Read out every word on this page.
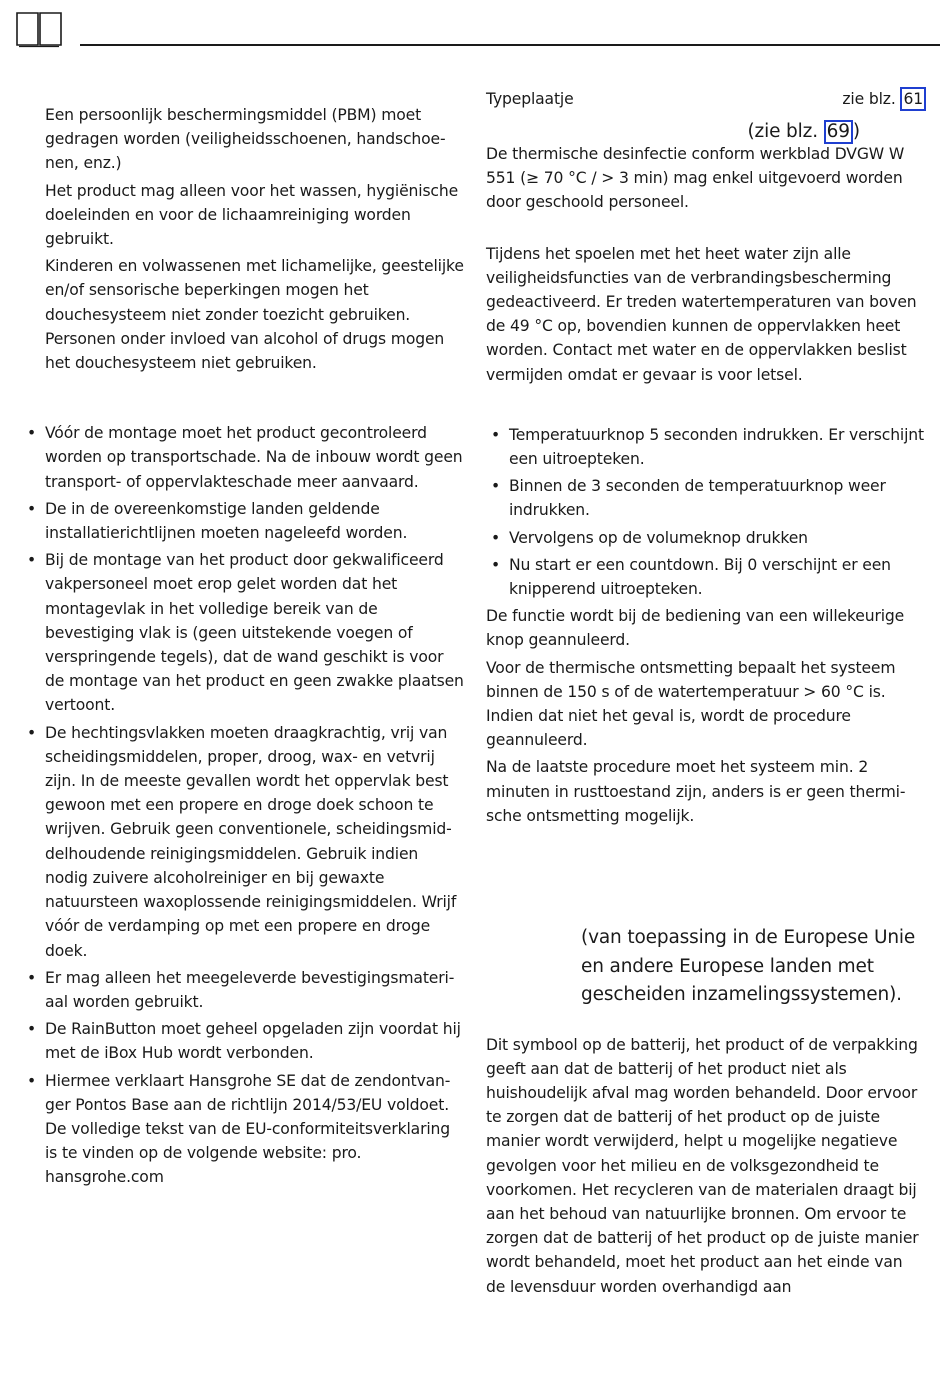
Een persoonlijk beschermingsmiddel (PBM) moet gedragen worden (veiligheidsschoenen, handschoenen, enz.)

Het product mag alleen voor het wassen, hygiënische doeleinden en voor de lichaamreiniging worden gebruikt.

Kinderen en volwassenen met lichamelijke, geestelijke en/of sensorische beperkingen mogen het douchesysteem niet zonder toezicht gebruiken. Personen onder invloed van alcohol of drugs mogen het douchesysteem niet gebruiken.

• Vóór de montage moet het product gecontroleerd worden op transportschade. Na de inbouw wordt geen transport- of oppervlakteschade meer aanvaard.
• De in de overeenkomstige landen geldende installatierichtlijnen moeten nageleefd worden.
• Bij de montage van het product door gekwalificeerd vakpersoneel moet erop gelet worden dat het montagevlak in het volledige bereik van de bevestiging vlak is (geen uitstekende voegen of verspringende tegels), dat de wand geschikt is voor de montage van het product en geen zwakke plaatsen vertoont.
• De hechtingsvlakken moeten draagkrachtig, vrij van scheidingsmiddelen, proper, droog, wax- en vetvrij zijn. In de meeste gevallen wordt het oppervlak best gewoon met een propere en droge doek schoon te wrijven. Gebruik geen conventionele, scheidingsmiddelhoudende reinigingsmiddelen. Gebruik indien nodig zuivere alcoholreiniger en bij gewaxte natuursteen waxoplossende reinigingsmiddelen. Wrijf vóór de verdamping op met een propere en droge doek.
• Er mag alleen het meegeleverde bevestigingsmateriaal worden gebruikt.
• De RainButton moet geheel opgeladen zijn voordat hij met de iBox Hub wordt verbonden.
• Hiermee verklaart Hansgrohe SE dat de zendontvanger Pontos Base aan de richtlijn 2014/53/EU voldoet. De volledige tekst van de EU-conformiteitsverklaring is te vinden op de volgende website: pro. hansgrohe.com
Typeplaatje	zie blz. 61
(zie blz. 69 )

De thermische desinfectie conform werkblad DVGW W 551 (≥ 70 °C / > 3 min) mag enkel uitgevoerd worden door geschoold personeel.

Tijdens het spoelen met het heet water zijn alle veiligheidsfuncties van de verbrandingsbescherming gedeactiveerd. Er treden watertemperaturen van boven de 49 °C op, bovendien kunnen de oppervlakken heet worden. Contact met water en de oppervlakken beslist vermijden omdat er gevaar is voor letsel.

• Temperatuurknop 5 seconden indrukken. Er verschijnt een uitroepteken.
• Binnen de 3 seconden de temperatuurknop weer indrukken.
• Vervolgens op de volumeknop drukken
• Nu start er een countdown. Bij 0 verschijnt er een knipperend uitroepteken.

De functie wordt bij de bediening van een willekeurige knop geannuleerd.

Voor de thermische ontsmetting bepaalt het systeem binnen de 150 s of de watertemperatuur > 60 °C is. Indien dat niet het geval is, wordt de procedure geannuleerd.

Na de laatste procedure moet het systeem min. 2 minuten in rusttoestand zijn, anders is er geen thermische ontsmetting mogelijk.

(van toepassing in de Europese Unie en andere Europese landen met gescheiden inzamelingssystemen).

Dit symbool op de batterij, het product of de verpakking geeft aan dat de batterij of het product niet als huishoudelijk afval mag worden behandeld. Door ervoor te zorgen dat de batterij of het product op de juiste manier wordt verwijderd, helpt u mogelijke negatieve gevolgen voor het milieu en de volksgezondheid te voorkomen. Het recycleren van de materialen draagt bij aan het behoud van natuurlijke bronnen. Om ervoor te zorgen dat de batterij of het product op de juiste manier wordt behandeld, moet het product aan het einde van de levensduur worden overhandigd aan
